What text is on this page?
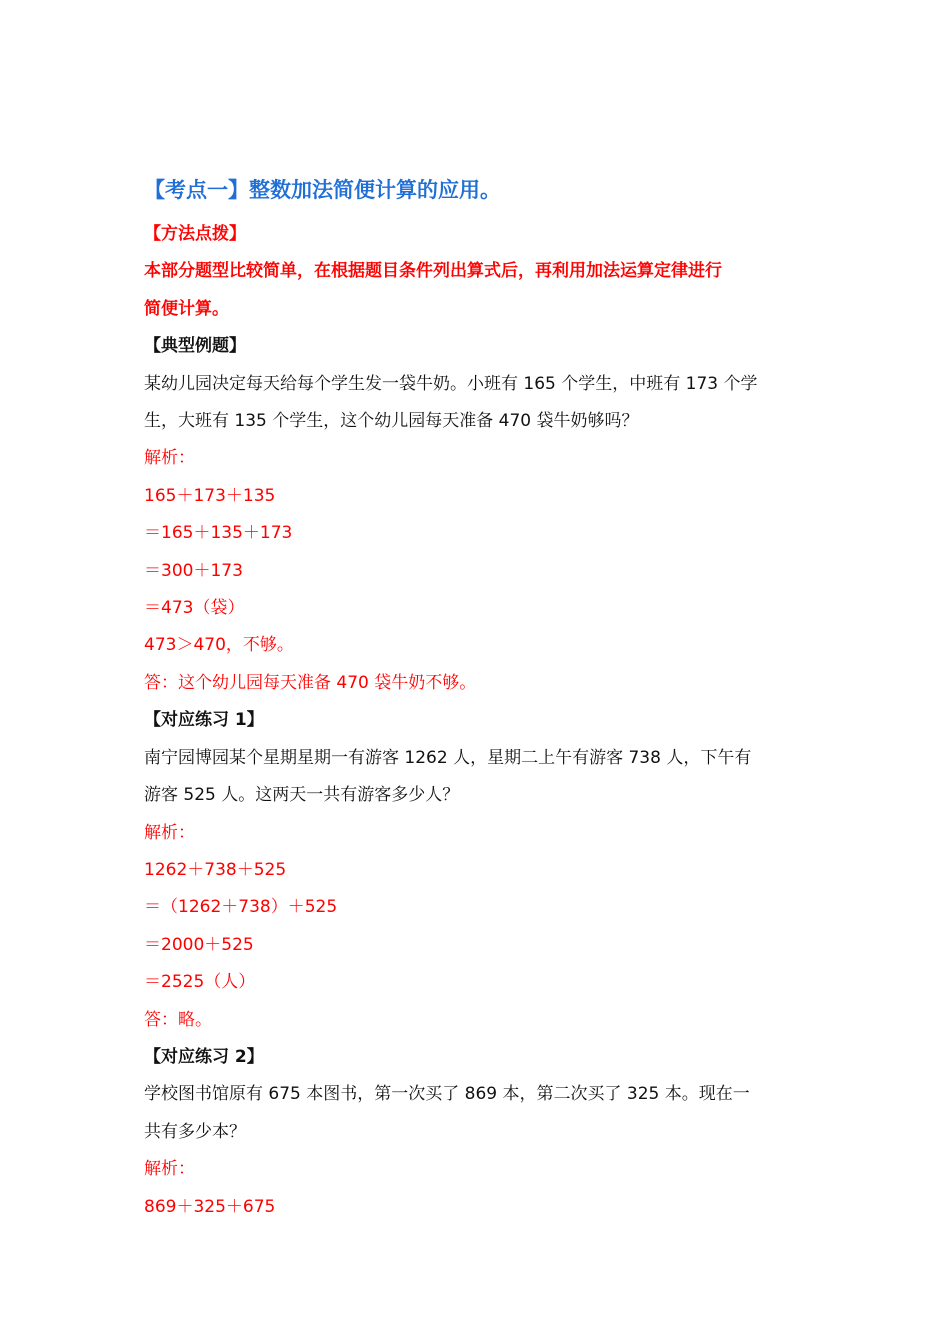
【考点一】整数加法简便计算的应用。

【方法点拨】

本部分题型比较简单，在根据题目条件列出算式后，再利用加法运算定律进行

简便计算。

【典型例题】

某幼儿园决定每天给每个学生发一袋牛奶。小班有 165 个学生，中班有 173 个学

生，大班有 135 个学生，这个幼儿园每天准备 470 袋牛奶够吗？

解析：

165＋173＋135

＝165＋135＋173

＝300＋173

＝473（袋）

473＞470，不够。

答：这个幼儿园每天准备 470 袋牛奶不够。

【对应练习 1】

南宁园博园某个星期星期一有游客 1262 人，星期二上午有游客 738 人，下午有

游客 525 人。这两天一共有游客多少人？

解析：

1262＋738＋525

＝（1262＋738）＋525

＝2000＋525

＝2525（人）

答：略。

【对应练习 2】

学校图书馆原有 675 本图书，第一次买了 869 本，第二次买了 325 本。现在一

共有多少本？

解析：

869＋325＋675
